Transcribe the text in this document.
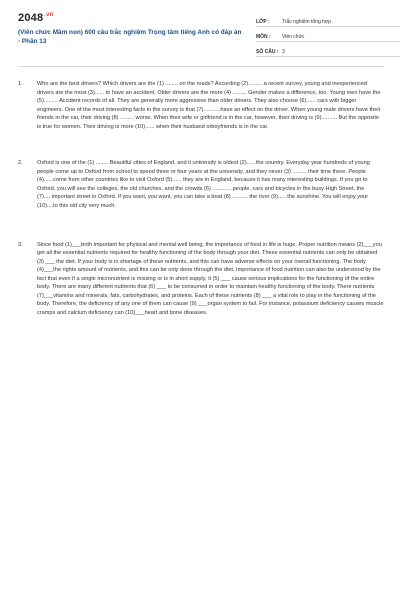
$2048^{.vn}$
(Viên chức Mầm non) 600 câu trắc nghiệm Trọng tâm tiếng Anh có đáp án - Phần 13
LỚP :	Trắc nghiệm tổng hợp
MÔN :	Viên chức
SỐ CÂU : 3
1.	Who are the best drivers? Which drivers are the (1) ........ on the roads? According (2)......... a recent survey, young and inexperienced drivers are the most (3)...... to have an accident. Older drivers are the more (4) ......... Gender makes a difference, too. Young men have the (5)......... Accident records of all. They are generally more aggressive than older drivers. They also choose (6)...... cars with bigger engineers. One of the most interesting facts in the survey is that (7)...........have an effect on the driver. When young male drivers have their friends in the car, their driving (8) ......... worse. When their wife or girlfriend is in the car, however, their driving is (9).......... But the opposite is true for women. Their driving is more (10)...... when their husband orboyfriends is in the car.
2.	Oxford is one of the (1) ........ Beautiful cities of England, and it university is oldest (2)......the country. Everyday year hundreds of young people come up to Oxford from school to spend three or four years at the university, and they never (3) ......... their time there. People (4)......come from other countries like to visit Oxford (5)...... they are in England, because it has many interesting buildings. If you go to Oxford, you will see the colleges, the old churches, and the crowds (6) ............ people, cars and bicycles in the busy High Street, the (7).....important street in Oxford. If you want, you want, you can take a boat (8) .......... the river (9)......the sunshine. You will enjoy your (10)....to this old city very much.
3.	Since food (1)___both important for physical and mental well being, the importance of food in life is huge. Proper nutrition means (2)___you get all the essential nutrients required for healthy functioning of the body through your diet. These essential nutrients can only be obtained (3) ___ the diet. If your body is in shortage of these nutrients, and this can have adverse effects on your overall functioning. The body (4)___the rights amount of nutrients, and this can be only done through the diet. Importance of food nutrition can also be understood by the fact that even if a single micronutrient is missing or is in short supply, it (5) ___ cause serious implications for the functioning of the entire body. There are many different nutrients that (6) ___ to be consumed in order to maintain healthy functioning of the body. There nutrients (7)___vitamins and minerals, fats, carbohydrates, and proteins. Each of these nutrients (8) ___ a vital role to play in the functioning of the body. Therefore, the deficiency of any one of them can cause (9) ___organ system to fail. For instance, potassium deficiency causes muscle cramps and calcium deficiency can (10)___heart and bone diseases.
